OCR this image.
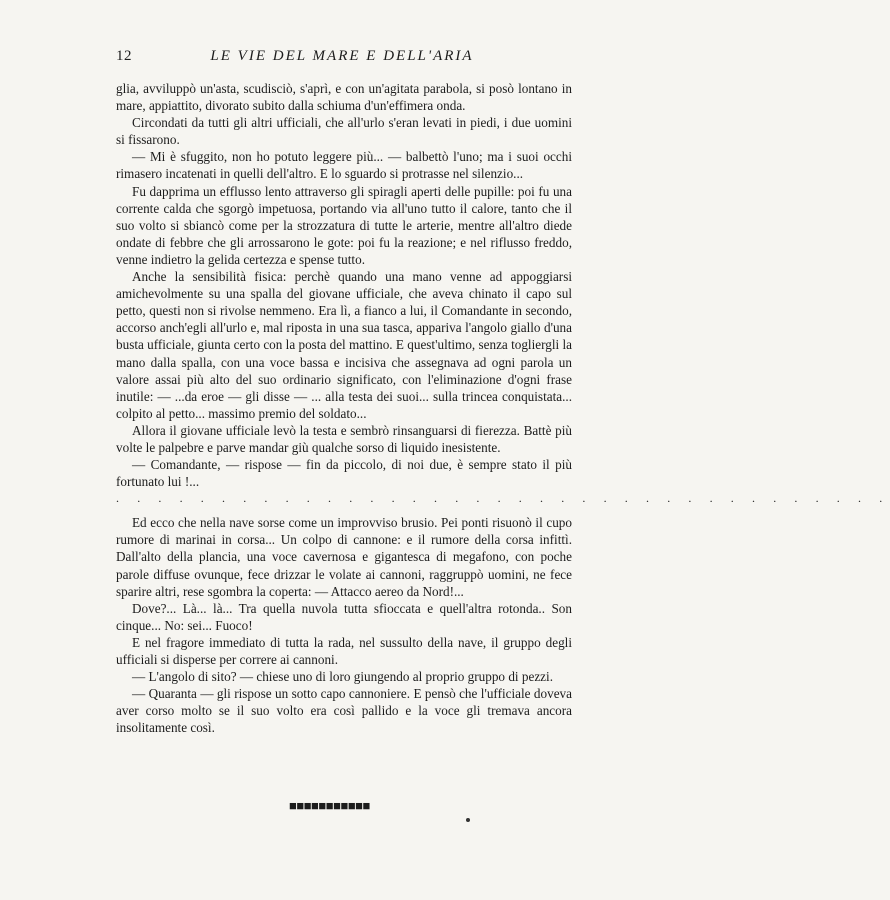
12	LE VIE DEL MARE E DELL'ARIA

glia, avviluppò un'asta, scudisciò, s'aprì, e con un'agitata parabola, si posò lontano in mare, appiattito, divorato subito dalla schiuma d'un'effimera onda.

Circondati da tutti gli altri ufficiali, che all'urlo s'eran levati in piedi, i due uomini si fissarono.

— Mi è sfuggito, non ho potuto leggere più... — balbettò l'uno; ma i suoi occhi rimasero incatenati in quelli dell'altro. E lo sguardo si protrasse nel silenzio...

Fu dapprima un efflusso lento attraverso gli spiragli aperti delle pupille: poi fu una corrente calda che sgorgò impetuosa, portando via all'uno tutto il calore, tanto che il suo volto si sbiancò come per la strozzatura di tutte le arterie, mentre all'altro diede ondate di febbre che gli arrossarono le gote: poi fu la reazione; e nel riflusso freddo, venne indietro la gelida certezza e spense tutto.

Anche la sensibilità fisica: perchè quando una mano venne ad appoggiarsi amichevolmente su una spalla del giovane ufficiale, che aveva chinato il capo sul petto, questi non si rivolse nemmeno. Era lì, a fianco a lui, il Comandante in secondo, accorso anch'egli all'urlo e, mal riposta in una sua tasca, appariva l'angolo giallo d'una busta ufficiale, giunta certo con la posta del mattino. E quest'ultimo, senza togliergli la mano dalla spalla, con una voce bassa e incisiva che assegnava ad ogni parola un valore assai più alto del suo ordinario significato, con l'eliminazione d'ogni frase inutile: — ...da eroe — gli disse — ... alla testa dei suoi... sulla trincea conquistata... colpito al petto... massimo premio del soldato...

Allora il giovane ufficiale levò la testa e sembrò rinsanguarsi di fierezza. Battè più volte le palpebre e parve mandar giù qualche sorso di liquido inesistente.

— Comandante, — rispose — fin da piccolo, di noi due, è sempre stato il più fortunato lui !...

. . . . . . . . . . . . . . . . . . . . . . . . . . . . . . . . . . . . .

Ed ecco che nella nave sorse come un improvviso brusio. Pei ponti risuonò il cupo rumore di marinai in corsa... Un colpo di cannone: e il rumore della corsa infittì. Dall'alto della plancia, una voce cavernosa e gigantesca di megafono, con poche parole diffuse ovunque, fece drizzar le volate ai cannoni, raggruppò uomini, ne fece sparire altri, rese sgombra la coperta: — Attacco aereo da Nord!...

Dove?... Là... là... Tra quella nuvola tutta sfioccata e quell'altra rotonda.. Son cinque... No: sei... Fuoco!

E nel fragore immediato di tutta la rada, nel sussulto della nave, il gruppo degli ufficiali si disperse per correre ai cannoni.

— L'angolo di sito? — chiese uno di loro giungendo al proprio gruppo di pezzi.

— Quaranta — gli rispose un sotto capo cannoniere. E pensò che l'ufficiale doveva aver corso molto se il suo volto era così pallido e la voce gli tremava ancora insolitamente così.

■■■■■■■■■■■
